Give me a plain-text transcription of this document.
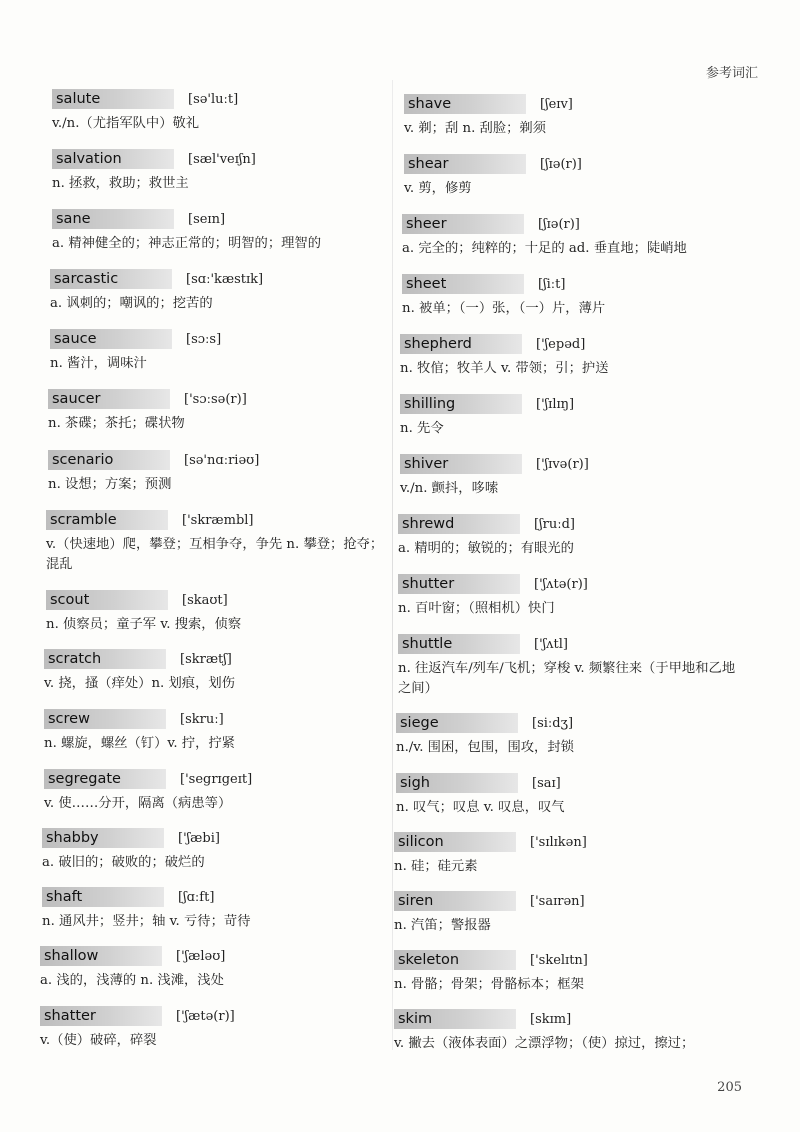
参考词汇
salute	[sə'luːt]
v./n.（尤指军队中）敬礼
salvation	[sæl'veɪʃn]
n. 拯救，救助；救世主
sane	[seɪn]
a. 精神健全的；神志正常的；明智的；理智的
sarcastic	[sɑː'kæstɪk]
a. 讽刺的；嘲讽的；挖苦的
sauce	[sɔːs]
n. 酱汁，调味汁
saucer	['sɔːsə(r)]
n. 茶碟；茶托；碟状物
scenario	[sə'nɑːriəʊ]
n. 设想；方案；预测
scramble	['skræmbl]
v.（快速地）爬，攀登；互相争夺，争先 n. 攀登；抢夺；混乱
scout	[skaʊt]
n. 侦察员；童子军 v. 搜索，侦察
scratch	[skrætʃ]
v. 挠，搔（痒处）n. 划痕，划伤
screw	[skruː]
n. 螺旋，螺丝（钉）v. 拧，拧紧
segregate	['segrɪgeɪt]
v. 使……分开，隔离（病患等）
shabby	['ʃæbi]
a. 破旧的；破败的；破烂的
shaft	[ʃɑːft]
n. 通风井；竖井；轴 v. 亏待；苛待
shallow	['ʃæləʊ]
a. 浅的，浅薄的 n. 浅滩，浅处
shatter	['ʃætə(r)]
v.（使）破碎，碎裂
shave	[ʃeɪv]
v. 剃；刮 n. 刮脸；剃须
shear	[ʃɪə(r)]
v. 剪，修剪
sheer	[ʃɪə(r)]
a. 完全的；纯粹的；十足的 ad. 垂直地；陡峭地
sheet	[ʃiːt]
n. 被单；（一）张，（一）片，薄片
shepherd	['ʃepəd]
n. 牧倌；牧羊人 v. 带领；引；护送
shilling	['ʃɪlɪŋ]
n. 先令
shiver	['ʃɪvə(r)]
v./n. 颤抖，哆嗦
shrewd	[ʃruːd]
a. 精明的；敏锐的；有眼光的
shutter	['ʃʌtə(r)]
n. 百叶窗；（照相机）快门
shuttle	['ʃʌtl]
n. 往返汽车/列车/飞机；穿梭 v. 频繁往来（于甲地和乙地之间）
siege	[siːdʒ]
n./v. 围困，包围，围攻，封锁
sigh	[saɪ]
n. 叹气；叹息 v. 叹息，叹气
silicon	['sɪlɪkən]
n. 硅；硅元素
siren	['saɪrən]
n. 汽笛；警报器
skeleton	['skelɪtn]
n. 骨骼；骨架；骨骼标本；框架
skim	[skɪm]
v. 撇去（液体表面）之漂浮物；（使）掠过，擦过；
205
